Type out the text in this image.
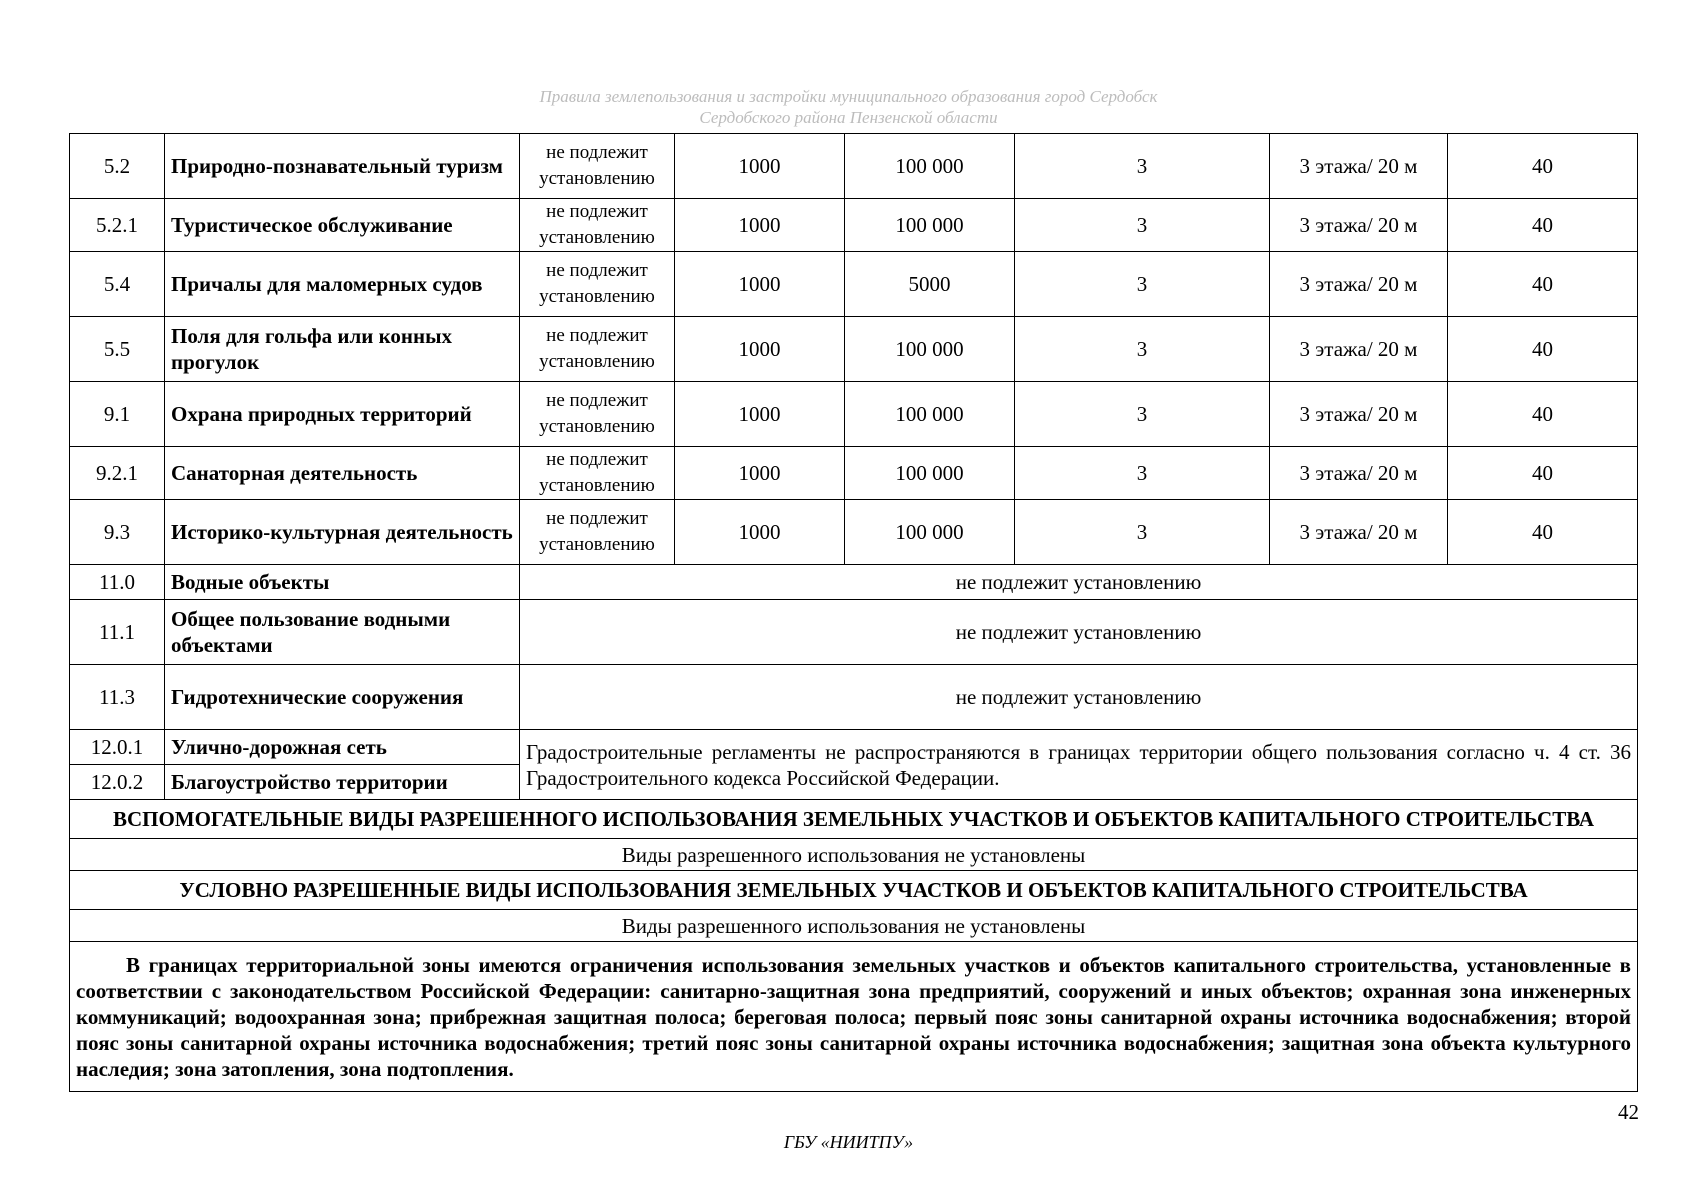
Правила землепользования и застройки муниципального образования город Сердобск
Сердобского района Пензенской области
5.2	Природно-познавательный туризм	не подлежит установлению	1000	100 000	3	3 этажа/ 20 м	40
5.2.1	Туристическое обслуживание	не подлежит установлению	1000	100 000	3	3 этажа/ 20 м	40
5.4	Причалы для маломерных судов	не подлежит установлению	1000	5000	3	3 этажа/ 20 м	40
5.5	Поля для гольфа или конных прогулок	не подлежит установлению	1000	100 000	3	3 этажа/ 20 м	40
9.1	Охрана природных территорий	не подлежит установлению	1000	100 000	3	3 этажа/ 20 м	40
9.2.1	Санаторная деятельность	не подлежит установлению	1000	100 000	3	3 этажа/ 20 м	40
9.3	Историко-культурная деятельность	не подлежит установлению	1000	100 000	3	3 этажа/ 20 м	40
11.0	Водные объекты	не подлежит установлению					
11.1	Общее пользование водными объектами	не подлежит установлению					
11.3	Гидротехнические сооружения	не подлежит установлению					
12.0.1	Улично-дорожная сеть	Градостроительные регламенты не распространяются в границах территории общего пользования согласно ч. 4 ст. 36 Градостроительного кодекса Российской Федерации.					
12.0.2	Благоустройство территории						
ВСПОМОГАТЕЛЬНЫЕ ВИДЫ РАЗРЕШЕННОГО ИСПОЛЬЗОВАНИЯ ЗЕМЕЛЬНЫХ УЧАСТКОВ И ОБЪЕКТОВ КАПИТАЛЬНОГО СТРОИТЕЛЬСТВА							
Виды разрешенного использования не установлены							
УСЛОВНО РАЗРЕШЕННЫЕ ВИДЫ ИСПОЛЬЗОВАНИЯ ЗЕМЕЛЬНЫХ УЧАСТКОВ И ОБЪЕКТОВ КАПИТАЛЬНОГО СТРОИТЕЛЬСТВА							
Виды разрешенного использования не установлены							
В границах территориальной зоны имеются ограничения использования земельных участков и объектов капитального строительства, установленные в соответствии с законодательством Российской Федерации: санитарно-защитная зона предприятий, сооружений и иных объектов; охранная зона инженерных коммуникаций; водоохранная зона; прибрежная защитная полоса; береговая полоса; первый пояс зоны санитарной охраны источника водоснабжения; второй пояс зоны санитарной охраны источника водоснабжения; третий пояс зоны санитарной охраны источника водоснабжения; защитная зона объекта культурного наследия; зона затопления, зона подтопления.							
42
ГБУ «НИИТПУ»
